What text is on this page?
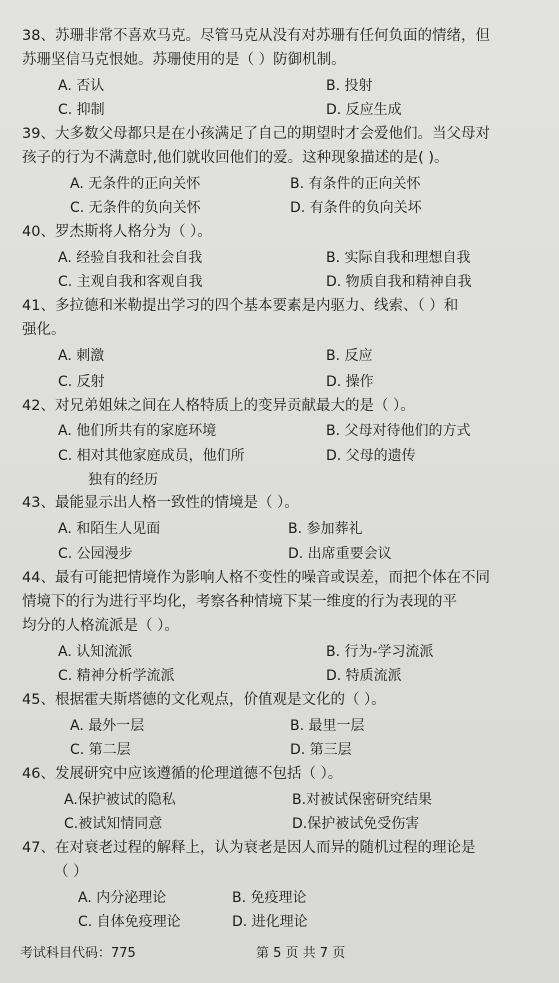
38、苏珊非常不喜欢马克。尽管马克从没有对苏珊有任何负面的情绪，但
苏珊坚信马克恨她。苏珊使用的是（ ）防御机制。
A. 否认	B. 投射
C. 抑制	D. 反应生成
39、大多数父母都只是在小孩满足了自己的期望时才会爱他们。当父母对
孩子的行为不满意时,他们就收回他们的爱。这种现象描述的是( )。
A. 无条件的正向关怀	B. 有条件的正向关怀
C. 无条件的负向关怀	D. 有条件的负向关坏
40、罗杰斯将人格分为（ ）。
A. 经验自我和社会自我	B. 实际自我和理想自我
C. 主观自我和客观自我	D. 物质自我和精神自我
41、多拉德和米勒提出学习的四个基本要素是内驱力、线索、（ ）和
强化。
A. 刺激	B. 反应
C. 反射	D. 操作
42、对兄弟姐妹之间在人格特质上的变异贡献最大的是（ ）。
A. 他们所共有的家庭环境	B. 父母对待他们的方式
C. 相对其他家庭成员，他们所	D. 父母的遗传
独有的经历
43、最能显示出人格一致性的情境是（ ）。
A. 和陌生人见面	B. 参加葬礼
C. 公园漫步	D. 出席重要会议
44、最有可能把情境作为影响人格不变性的噪音或误差，而把个体在不同
情境下的行为进行平均化，考察各种情境下某一维度的行为表现的平
均分的人格流派是（ ）。
A. 认知流派	B. 行为-学习流派
C. 精神分析学流派	D. 特质流派
45、根据霍夫斯塔德的文化观点，价值观是文化的（ ）。
A. 最外一层	B. 最里一层
C. 第二层	D. 第三层
46、发展研究中应该遵循的伦理道德不包括（ ）。
A.保护被试的隐私	B.对被试保密研究结果
C.被试知情同意	D.保护被试免受伤害
47、在对衰老过程的解释上，认为衰老是因人而异的随机过程的理论是
（ ）
A. 内分泌理论	B. 免疫理论
C. 自体免疫理论	D. 进化理论
考试科目代码：775	第 5 页 共 7 页
